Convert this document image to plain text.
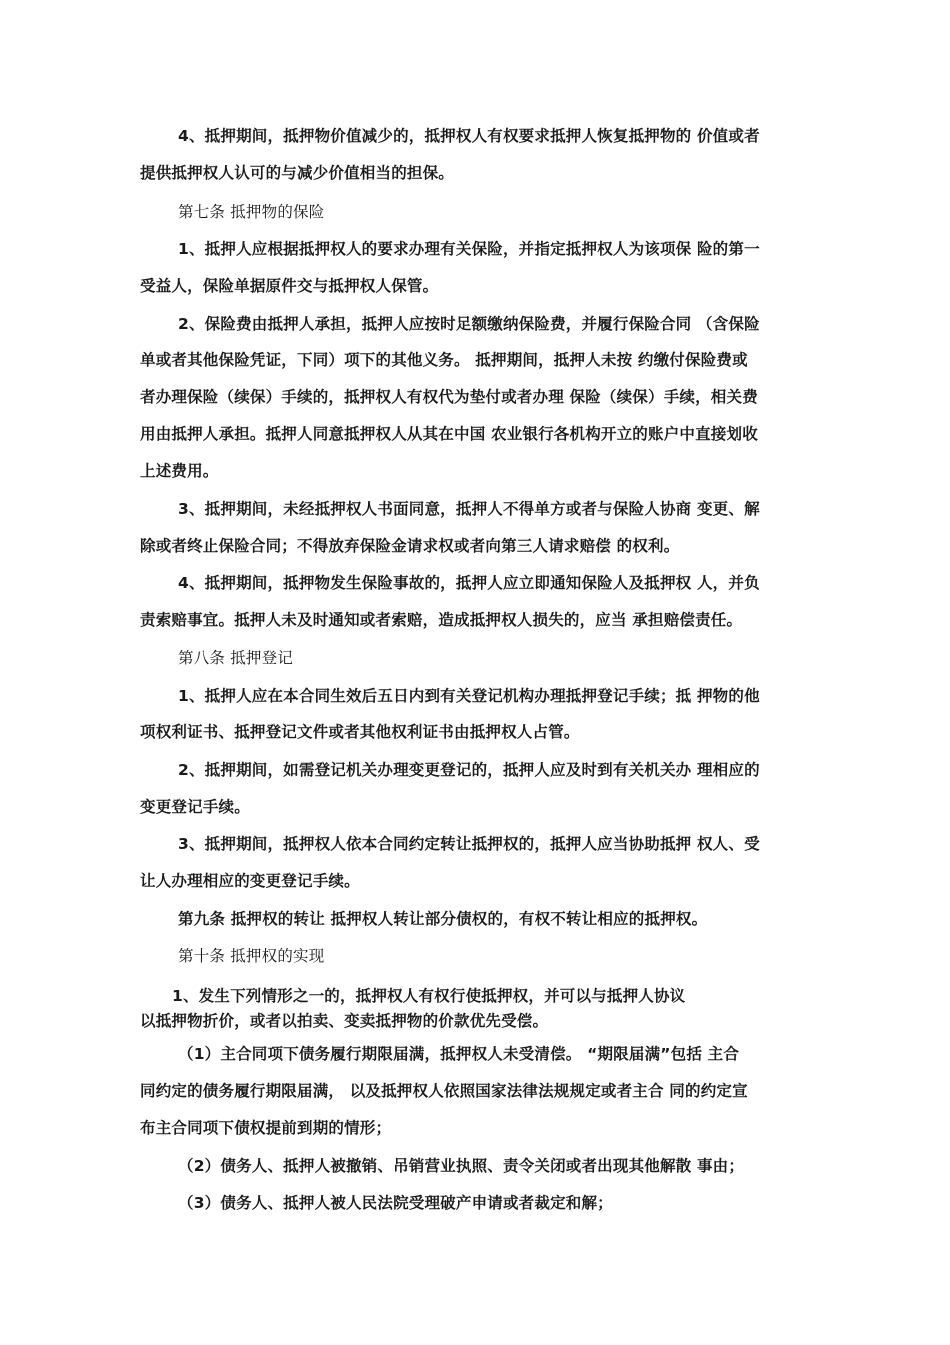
4、抵押期间，抵押物价值减少的，抵押权人有权要求抵押人恢复抵押物的 价值或者
提供抵押权人认可的与减少价值相当的担保。
第七条 抵押物的保险
1、抵押人应根据抵押权人的要求办理有关保险，并指定抵押权人为该项保 险的第一
受益人，保险单据原件交与抵押权人保管。
2、保险费由抵押人承担，抵押人应按时足额缴纳保险费，并履行保险合同 （含保险
单或者其他保险凭证，下同）项下的其他义务。 抵押期间，抵押人未按 约缴付保险费或
者办理保险（续保）手续的，抵押权人有权代为垫付或者办理 保险（续保）手续，相关费
用由抵押人承担。抵押人同意抵押权人从其在中国 农业银行各机构开立的账户中直接划收
上述费用。
3、抵押期间，未经抵押权人书面同意，抵押人不得单方或者与保险人协商 变更、解
除或者终止保险合同；不得放弃保险金请求权或者向第三人请求赔偿 的权利。
4、抵押期间，抵押物发生保险事故的，抵押人应立即通知保险人及抵押权 人，并负
责索赔事宜。抵押人未及时通知或者索赔，造成抵押权人损失的，应当 承担赔偿责任。
第八条 抵押登记
1、抵押人应在本合同生效后五日内到有关登记机构办理抵押登记手续；抵 押物的他
项权利证书、抵押登记文件或者其他权利证书由抵押权人占管。
2、抵押期间，如需登记机关办理变更登记的，抵押人应及时到有关机关办 理相应的
变更登记手续。
3、抵押期间，抵押权人依本合同约定转让抵押权的，抵押人应当协助抵押 权人、受
让人办理相应的变更登记手续。
第九条 抵押权的转让 抵押权人转让部分债权的，有权不转让相应的抵押权。
第十条 抵押权的实现
1、发生下列情形之一的，抵押权人有权行使抵押权，并可以与抵押人协议
以抵押物折价，或者以拍卖、变卖抵押物的价款优先受偿。
（1）主合同项下债务履行期限届满，抵押权人未受清偿。 “期限届满”包括 主合
同约定的债务履行期限届满， 以及抵押权人依照国家法律法规规定或者主合 同的约定宣
布主合同项下债权提前到期的情形；
（2）债务人、抵押人被撤销、吊销营业执照、责令关闭或者出现其他解散 事由；
（3）债务人、抵押人被人民法院受理破产申请或者裁定和解；
